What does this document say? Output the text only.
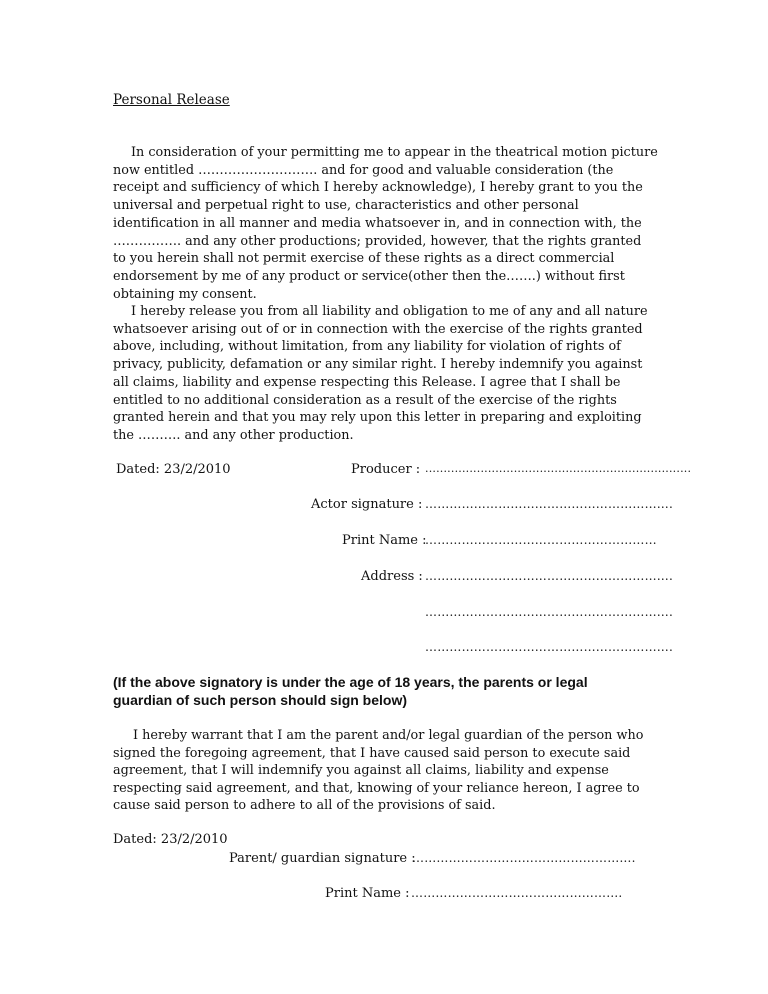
Personal Release
In consideration of your permitting me to appear in the theatrical motion picture now entitled ………………………. and for good and valuable consideration (the receipt and sufficiency of which I hereby acknowledge), I hereby grant to you the universal and perpetual right to use, characteristics and other personal identification in all manner and media whatsoever in, and in connection with, the ……………. and any other productions; provided, however, that the rights granted to you herein shall not permit exercise of these rights as a direct commercial endorsement by me of any product or service(other then the…….) without first obtaining my consent.
I hereby release you from all liability and obligation to me of any and all nature whatsoever arising out of or in connection with the exercise of the rights granted above, including, without limitation, from any liability for violation of rights of privacy, publicity, defamation or any similar right. I hereby indemnify you against all claims, liability and expense respecting this Release. I agree that I shall be entitled to no additional consideration as a result of the exercise of the rights granted herein and that you may rely upon this letter in preparing and exploiting the ………. and any other production.
Dated: 23/2/2010	Producer : ........................................................................
Actor signature : …………………………………………………….
Print Name :
…………………………………………………
Address : …………………………………………………….
…………………………………………………….
…………………………………………………….
(If the above signatory is under the age of 18 years, the parents or legal guardian of such person should sign below)
I hereby warrant that I am the parent and/or legal guardian of the person who signed the foregoing agreement, that I have caused said person to execute said agreement, that I will indemnify you against all claims, liability and expense respecting said agreement, and that, knowing of your reliance hereon, I agree to cause said person to adhere to all of the provisions of said.
Dated: 23/2/2010
Parent/ guardian signature :
……………………………………………….
Print Name : …………………………………………….
